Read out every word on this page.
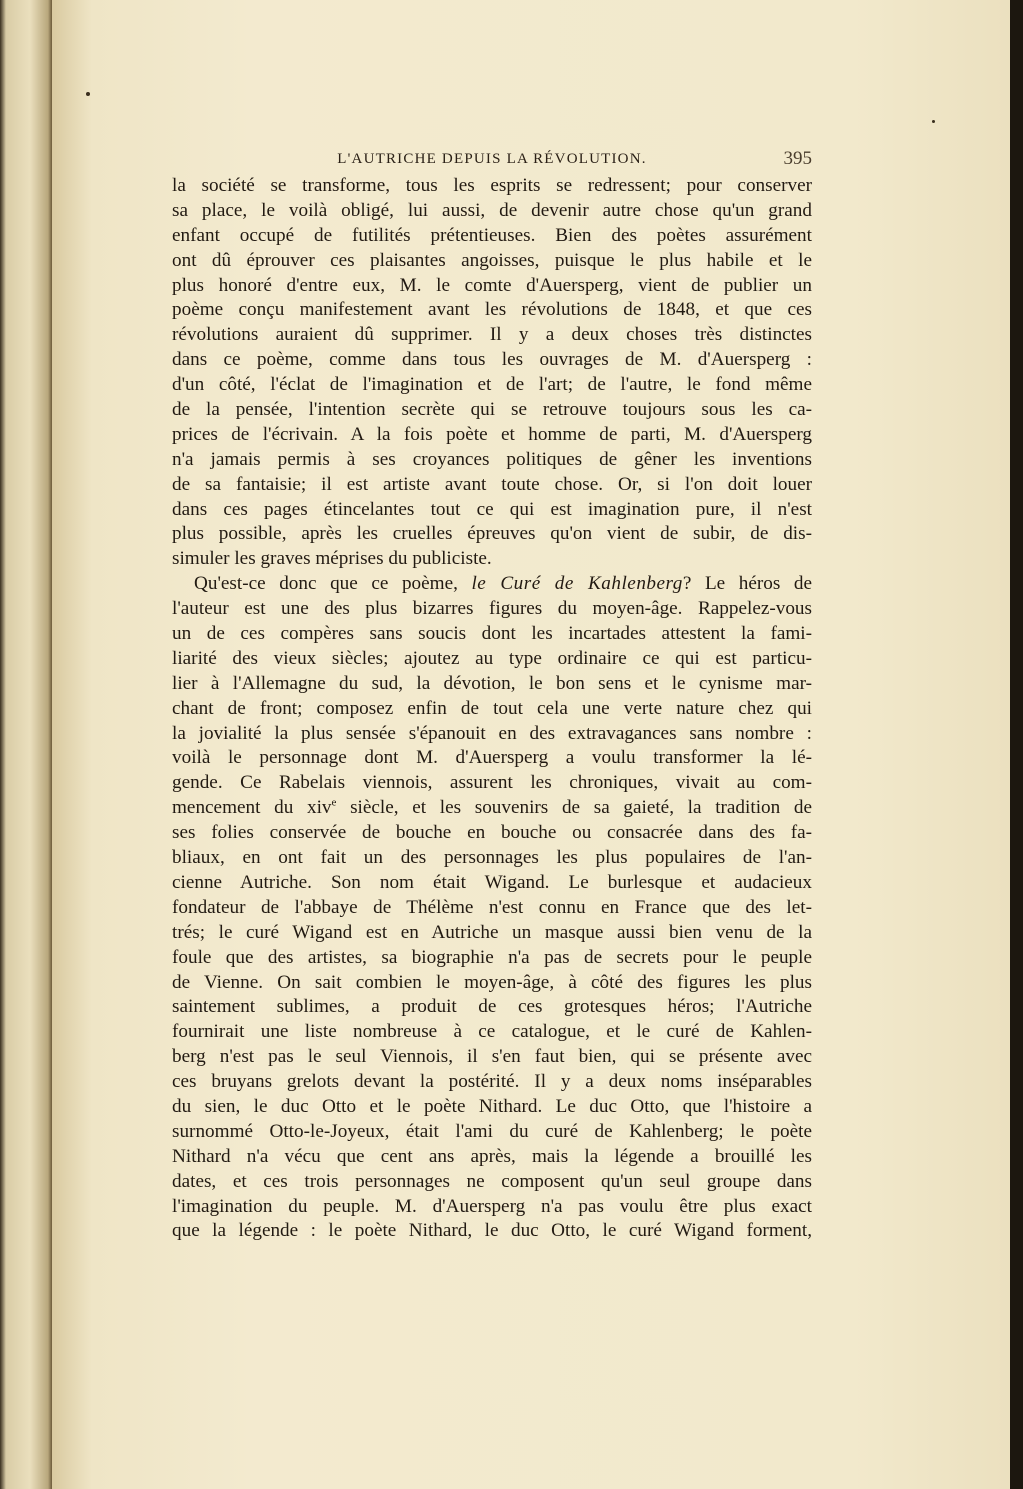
L'AUTRICHE DEPUIS LA RÉVOLUTION.	395
la société se transforme, tous les esprits se redressent; pour conserver
sa place, le voilà obligé, lui aussi, de devenir autre chose qu'un grand
enfant occupé de futilités prétentieuses. Bien des poètes assurément
ont dû éprouver ces plaisantes angoisses, puisque le plus habile et le
plus honoré d'entre eux, M. le comte d'Auersperg, vient de publier un
poème conçu manifestement avant les révolutions de 1848, et que ces
révolutions auraient dû supprimer. Il y a deux choses très distinctes
dans ce poème, comme dans tous les ouvrages de M. d'Auersperg :
d'un côté, l'éclat de l'imagination et de l'art; de l'autre, le fond même
de la pensée, l'intention secrète qui se retrouve toujours sous les ca-
prices de l'écrivain. A la fois poète et homme de parti, M. d'Auersperg
n'a jamais permis à ses croyances politiques de gêner les inventions
de sa fantaisie; il est artiste avant toute chose. Or, si l'on doit louer
dans ces pages étincelantes tout ce qui est imagination pure, il n'est
plus possible, après les cruelles épreuves qu'on vient de subir, de dis-
simuler les graves méprises du publiciste.
Qu'est-ce donc que ce poème, le Curé de Kahlenberg? Le héros de
l'auteur est une des plus bizarres figures du moyen-âge. Rappelez-vous
un de ces compères sans soucis dont les incartades attestent la fami-
liarité des vieux siècles; ajoutez au type ordinaire ce qui est particu-
lier à l'Allemagne du sud, la dévotion, le bon sens et le cynisme mar-
chant de front; composez enfin de tout cela une verte nature chez qui
la jovialité la plus sensée s'épanouit en des extravagances sans nombre :
voilà le personnage dont M. d'Auersperg a voulu transformer la lé-
gende. Ce Rabelais viennois, assurent les chroniques, vivait au com-
mencement du xiv$^e$ siècle, et les souvenirs de sa gaieté, la tradition de
ses folies conservée de bouche en bouche ou consacrée dans des fa-
bliaux, en ont fait un des personnages les plus populaires de l'an-
cienne Autriche. Son nom était Wigand. Le burlesque et audacieux
fondateur de l'abbaye de Thélème n'est connu en France que des let-
trés; le curé Wigand est en Autriche un masque aussi bien venu de la
foule que des artistes, sa biographie n'a pas de secrets pour le peuple
de Vienne. On sait combien le moyen-âge, à côté des figures les plus
saintement sublimes, a produit de ces grotesques héros; l'Autriche
fournirait une liste nombreuse à ce catalogue, et le curé de Kahlen-
berg n'est pas le seul Viennois, il s'en faut bien, qui se présente avec
ces bruyans grelots devant la postérité. Il y a deux noms inséparables
du sien, le duc Otto et le poète Nithard. Le duc Otto, que l'histoire a
surnommé Otto-le-Joyeux, était l'ami du curé de Kahlenberg; le poète
Nithard n'a vécu que cent ans après, mais la légende a brouillé les
dates, et ces trois personnages ne composent qu'un seul groupe dans
l'imagination du peuple. M. d'Auersperg n'a pas voulu être plus exact
que la légende : le poète Nithard, le duc Otto, le curé Wigand forment,
